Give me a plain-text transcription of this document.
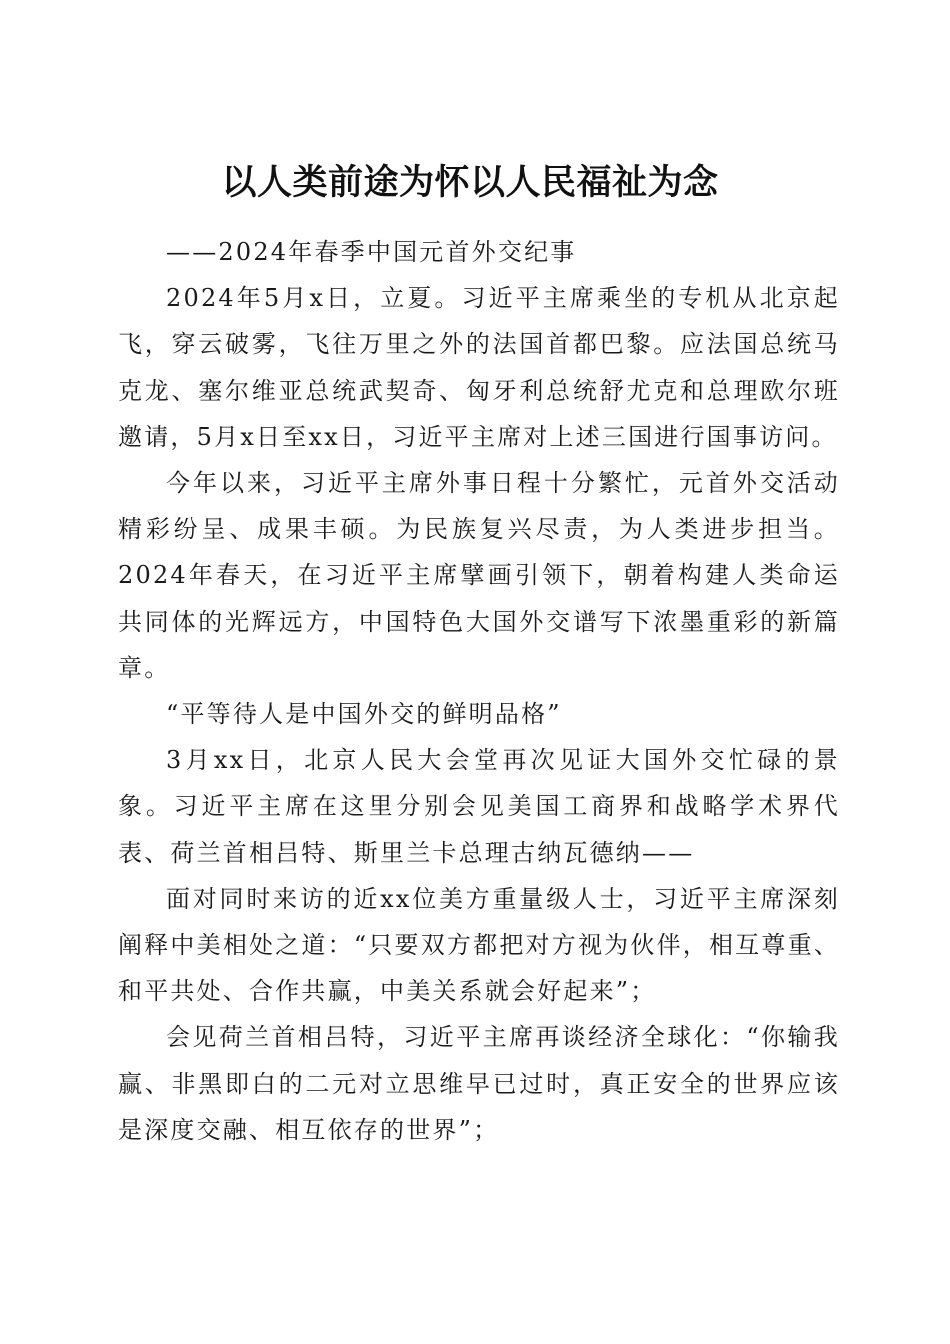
以人类前途为怀以人民福祉为念

——2024年春季中国元首外交纪事

2024年5月x日，立夏。习近平主席乘坐的专机从北京起飞，穿云破雾，飞往万里之外的法国首都巴黎。应法国总统马克龙、塞尔维亚总统武契奇、匈牙利总统舒尤克和总理欧尔班邀请，5月x日至xx日，习近平主席对上述三国进行国事访问。

今年以来，习近平主席外事日程十分繁忙，元首外交活动精彩纷呈、成果丰硕。为民族复兴尽责，为人类进步担当。2024年春天，在习近平主席擘画引领下，朝着构建人类命运共同体的光辉远方，中国特色大国外交谱写下浓墨重彩的新篇章。

“平等待人是中国外交的鲜明品格”

3月xx日，北京人民大会堂再次见证大国外交忙碌的景象。习近平主席在这里分别会见美国工商界和战略学术界代表、荷兰首相吕特、斯里兰卡总理古纳瓦德纳——

面对同时来访的近xx位美方重量级人士，习近平主席深刻阐释中美相处之道：“只要双方都把对方视为伙伴，相互尊重、和平共处、合作共赢，中美关系就会好起来”；

会见荷兰首相吕特，习近平主席再谈经济全球化：“你输我赢、非黑即白的二元对立思维早已过时，真正安全的世界应该是深度交融、相互依存的世界”；
